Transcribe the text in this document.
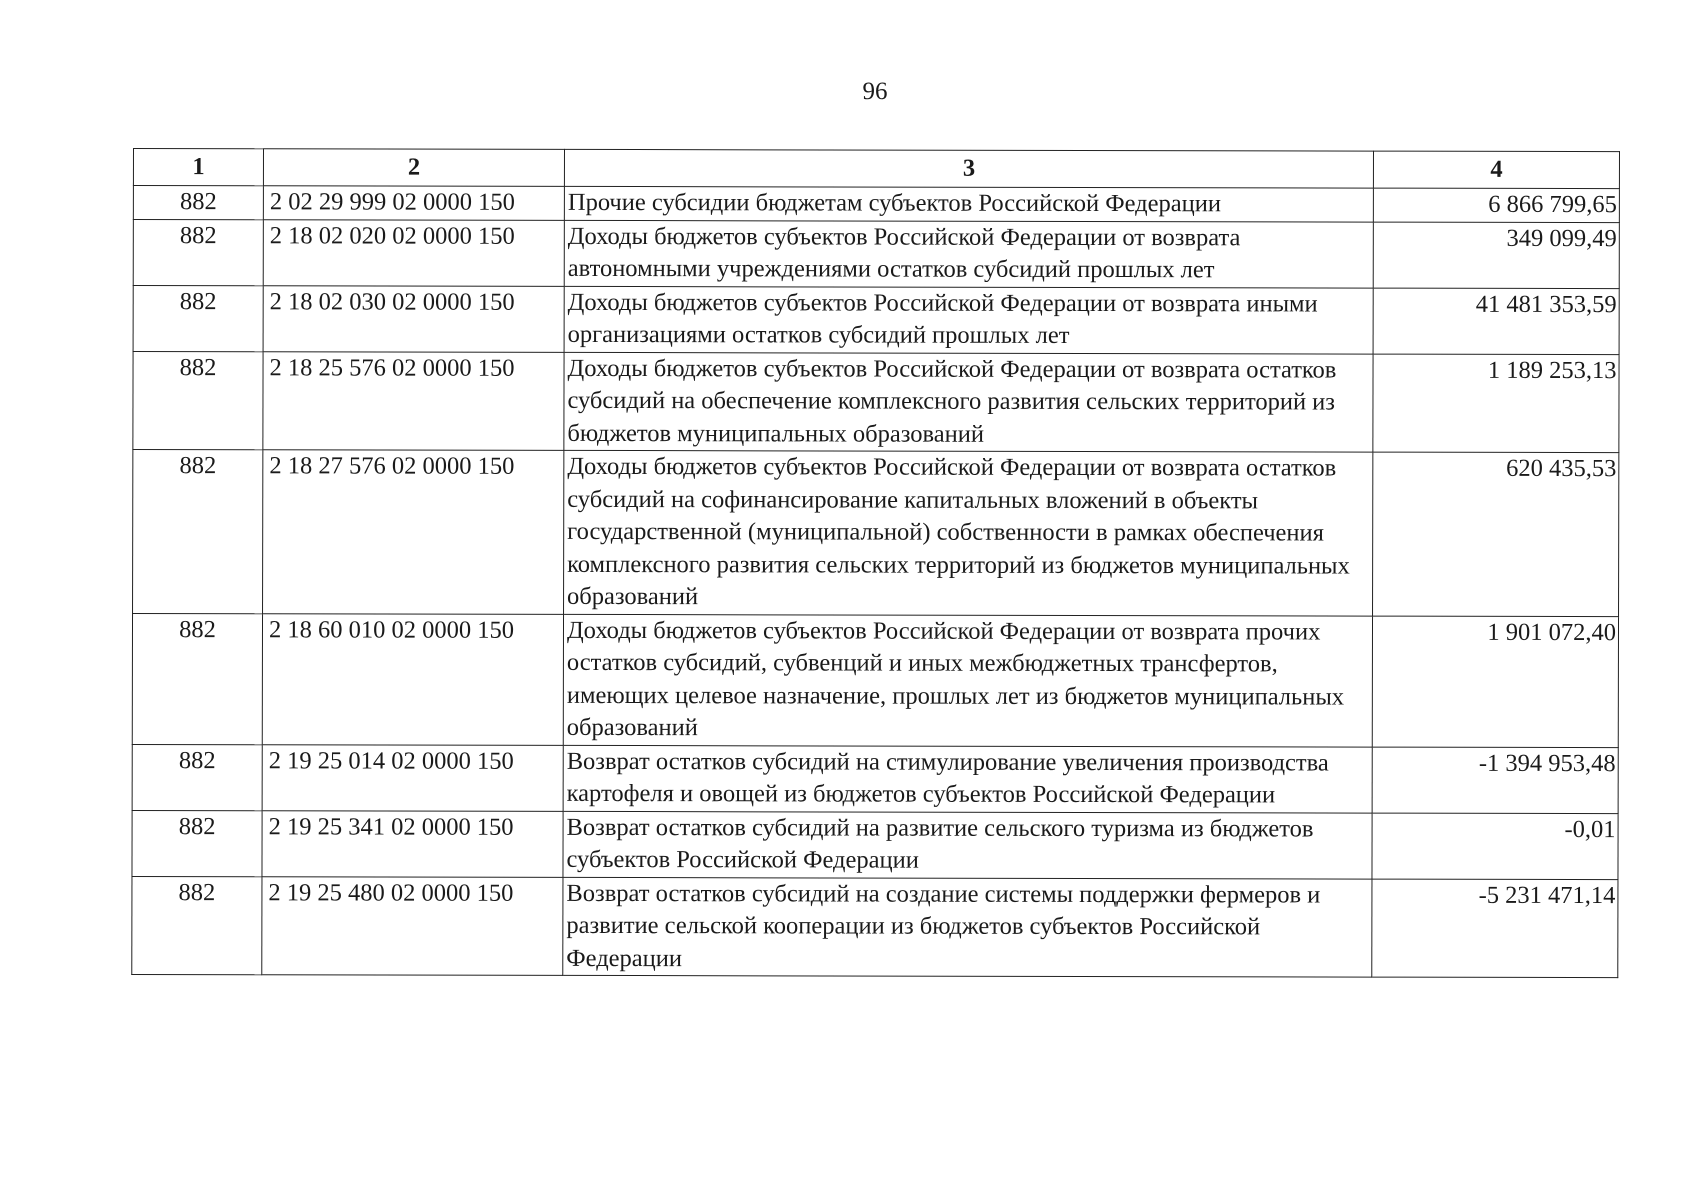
96
1	2	3	4
882	2 02 29 999 02 0000 150	Прочие субсидии бюджетам субъектов Российской Федерации	6 866 799,65
882	2 18 02 020 02 0000 150	Доходы бюджетов субъектов Российской Федерации от возврата автономными учреждениями остатков субсидий прошлых лет	349 099,49
882	2 18 02 030 02 0000 150	Доходы бюджетов субъектов Российской Федерации от возврата иными организациями остатков субсидий прошлых лет	41 481 353,59
882	2 18 25 576 02 0000 150	Доходы бюджетов субъектов Российской Федерации от возврата остатков субсидий на обеспечение комплексного развития сельских территорий из бюджетов муниципальных образований	1 189 253,13
882	2 18 27 576 02 0000 150	Доходы бюджетов субъектов Российской Федерации от возврата остатков субсидий на софинансирование капитальных вложений в объекты государственной (муниципальной) собственности в рамках обеспечения комплексного развития сельских территорий из бюджетов муниципальных образований	620 435,53
882	2 18 60 010 02 0000 150	Доходы бюджетов субъектов Российской Федерации от возврата прочих остатков субсидий, субвенций и иных межбюджетных трансфертов, имеющих целевое назначение, прошлых лет из бюджетов муниципальных образований	1 901 072,40
882	2 19 25 014 02 0000 150	Возврат остатков субсидий на стимулирование увеличения производства картофеля и овощей из бюджетов субъектов Российской Федерации	-1 394 953,48
882	2 19 25 341 02 0000 150	Возврат остатков субсидий на развитие сельского туризма из бюджетов субъектов Российской Федерации	-0,01
882	2 19 25 480 02 0000 150	Возврат остатков субсидий на создание системы поддержки фермеров и развитие сельской кооперации из бюджетов субъектов Российской Федерации	-5 231 471,14
